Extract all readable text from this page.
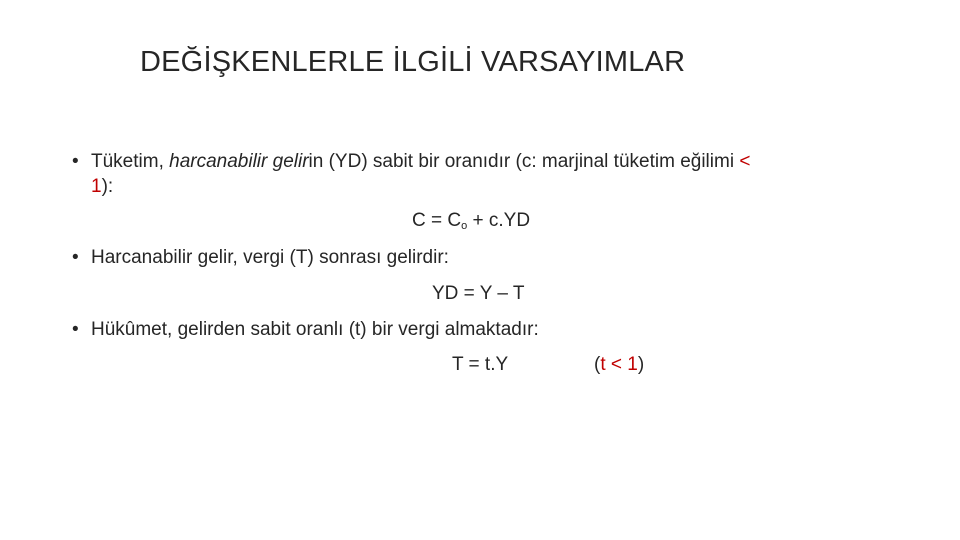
DEĞİŞKENLERLE İLGİLİ VARSAYIMLAR
• Tüketim, harcanabilir gelirin (YD) sabit bir oranıdır (c: marjinal tüketim eğilimi <
1):
$C = C_o + c.YD$
• Harcanabilir gelir, vergi (T) sonrası gelirdir:
YD = Y – T
• Hükûmet, gelirden sabit oranlı (t) bir vergi almaktadır:
T = t.Y	(t < 1)
